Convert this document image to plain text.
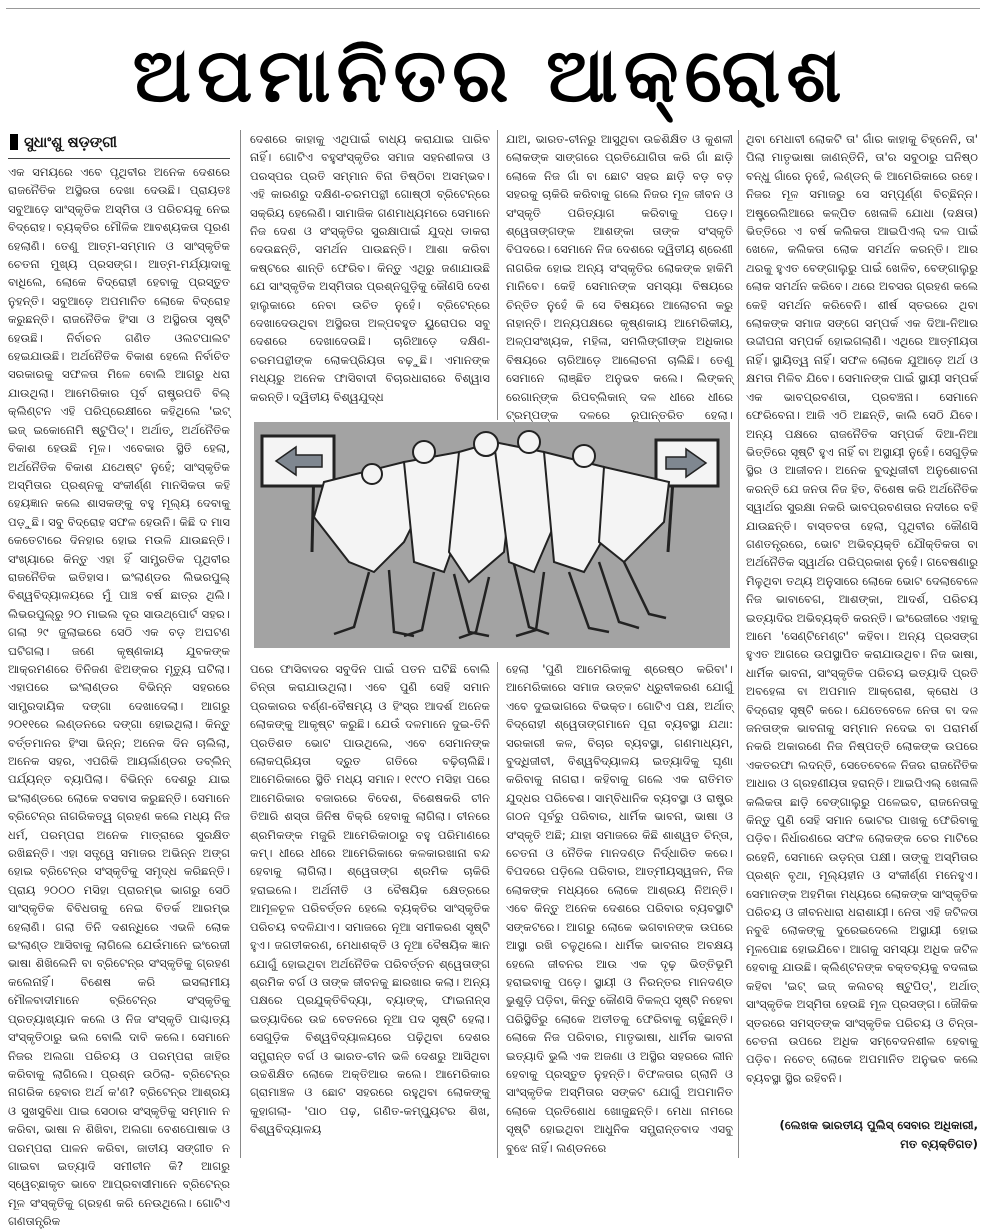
ଅପମାନିତର ଆକ୍ରୋଶ
ସୁଧାଂଶୁ ଷଡ଼ଙ୍ଗୀ

ଏକ ସମୟରେ ଏବେ ପୃଥିବୀର ଅନେକ ଦେଶରେ ରାଜନୈତିକ ଅସ୍ଥିରତା ଦେଖା ଦେଉଛି। ପ୍ରାୟତଃ ସବୁଆଡ଼େ ସାଂସ୍କୃତିକ ଅସ୍ମିତା ଓ ପରିଚୟକୁ ନେଇ ବିଦ୍ରୋହ। ବ୍ୟକ୍ତିର ମୌଳିକ ଆବଶ୍ୟକତା ପୂରଣ ହେଲାଣି। ତେଣୁ ଆତ୍ମ-ସମ୍ମାନ ଓ ସାଂସ୍କୃତିକ ଚେତନା ମୁଖ୍ୟ ପ୍ରସଙ୍ଗ। ଆତ୍ମ-ମର୍ଯ୍ୟାଦାକୁ ବାଧିଲେ, ଲୋକେ ବିଦ୍ରୋହୀ ହେବାକୁ ପ୍ରସ୍ତୁତ ନୁହନ୍ତି। ସବୁଆଡ଼େ ଅପମାନିତ ଲୋକେ ବିଦ୍ରୋହ କରୁଛନ୍ତି। ରାଜନୈତିକ ହିଂସା ଓ ଅସ୍ଥିରତା ସୃଷ୍ଟି ହେଉଛି। ନିର୍ବାଚନ ଗଣିତ ଓଲଟପାଲଟ ହେଇଯାଉଛି। ଅର୍ଥନୈତିକ ବିକାଶ ହେଲେ ନିର୍ବାଚିତ ସରକାରକୁ ସଫଳତା ମିଳେ ବୋଲି ଆଗରୁ ଧରା ଯାଉଥିଲା। ଆମେରିକାର ପୂର୍ବ ରାଷ୍ଟ୍ରପତି ବିଲ୍ କ୍ଲିଣ୍ଟନ ଏହି ପରିପ୍ରେକ୍ଷୀରେ କହିଥିଲେ 'ଇଟ୍ ଇଜ୍ ଇକୋନୋମି ଷ୍ଟୁପିଡ୍'। ଅର୍ଥାତ୍, ଅର୍ଥନୈତିକ ବିକାଶ ହେଉଛି ମୂଳ। ଏବେକାର ସ୍ଥିତି ହେଲା, ଅର୍ଥନୈତିକ ବିକାଶ ଯଥେଷ୍ଟ ନୁହେଁ; ସାଂସ୍କୃତିକ ଅସ୍ମିତାର ପ୍ରଶ୍ନକୁ ସଂକୀର୍ଣ୍ଣ ମାନସିକତା କହି ହେୟଜ୍ଞାନ କଲେ ଶାସକଙ୍କୁ ବହୁ ମୂଲ୍ୟ ଦେବାକୁ ପଡ଼ୁଛି। ସବୁ ବିଦ୍ରୋହ ସଫଳ ହେଉନି। କିଛି ଦ ମାସ କେତେଟାରେ ଦିନହାର ହୋଇ ମଉଳି ଯାଉଛନ୍ତି। ସଂଖ୍ୟାରେ କିନ୍ତୁ ଏହା ହିଁ ସାମ୍ପ୍ରତିକ ପୃଥିବୀର ରାଜନୈତିକ ଇତିହାସ। ଇଂଲାଣ୍ଡର ଲିଭରପୁଲ୍ ବିଶ୍ୱବିଦ୍ୟାଳୟରେ ମୁଁ ପାଞ୍ଚ ବର୍ଷ ଛାତ୍ର ଥିଲି। ଲିଭରପୁଲ୍‌ରୁ ୨୦ ମାଇଲ ଦୂର ସାଉଥ୍‌ପୋର୍ଟ ସହର। ଗଲା ୨୯ ଜୁଲାଇରେ ସେଠି ଏକ ବଡ଼ ଅଘଟଣ ଘଟିଗଲା। ଜଣେ କୃଷ୍ଣକାୟ ଯୁବକଙ୍କ ଆକ୍ରମଣରେ ତିନିଜଣ ଝିଅଙ୍କର ମୃତ୍ୟୁ ଘଟିଲା। ଏହାପରେ ଇଂଲାଣ୍ଡର ବିଭିନ୍ନ ସହରରେ ସାମ୍ପ୍ରଦାୟିକ ଦଙ୍ଗା ଦେଖାଦେଲା। ଆଗରୁ ୨୦୧୧ରେ ଲଣ୍ଡନରେ ଦଙ୍ଗା ହୋଇଥିଲା। କିନ୍ତୁ ବର୍ତ୍ତମାନର ହିଂସା ଭିନ୍ନ; ଅନେକ ଦିନ ଚାଲିଲା, ଅନେକ ସହର, ଏପରିକି ଆୟର୍ଲାଣ୍ଡର ଡବ୍ଲିନ୍ ପର୍ଯ୍ୟନ୍ତ ବ୍ୟାପିଲା। ବିଭିନ୍ନ ଦେଶରୁ ଯାଇ ଇଂଲାଣ୍ଡରେ ଲୋକେ ବସବାସ କରୁଛନ୍ତି। ସେମାନେ ବ୍ରିଟେନ୍‌ର ନାଗରିକତ୍ୱ ଗ୍ରହଣ କଲେ ମଧ୍ୟ ନିଜ ଧର୍ମ, ପରମ୍ପରା ଅନେକ ମାତ୍ରାରେ ସୁରକ୍ଷିତ ରଖିଛନ୍ତି। ଏହା ସତ୍ତ୍ୱେ ସମାଜର ଅଭିନ୍ନ ଅଙ୍ଗ ହୋଇ ବ୍ରିଟେନ୍‌ର ସଂସ୍କୃତିକୁ ସମୃଦ୍ଧ କରିଛନ୍ତି। ପ୍ରାୟ ୨୦୦୦ ମସିହା ପ୍ରାରମ୍ଭ ଭାଗରୁ ସେଠି ସାଂସ୍କୃତିକ ବିବିଧତାକୁ ନେଇ ବିତର୍କ ଆରମ୍ଭ ହେଲାଣି। ଗଲା ତିନି ଦଶନ୍ଧିରେ ଏଭଳି ଲୋକ ଇଂଲାଣ୍ଡ ଆସିବାକୁ ଲାଗିଲେ ଯେଉଁମାନେ ଇଂରେଜୀ ଭାଷା ଶିଖିଲେନି ବା ବ୍ରିଟେନ୍‌ର ସଂସ୍କୃତିକୁ ଗ୍ରହଣ କଲେନାହିଁ। ବିଶେଷ କରି ଇସଲାମୀୟ ମୌଳବାଦୀମାନେ ବ୍ରିଟେନ୍‌ର ସଂସ୍କୃତିକୁ ପ୍ରତ୍ୟାଖ୍ୟାନ କଲେ ଓ ନିଜ ସଂସ୍କୃତି ପାଶ୍ଚାତ୍ୟ ସଂସ୍କୃତିଠାରୁ ଭଲ ବୋଲି ଦାବି କଲେ। ସେମାନେ ନିଜର ଅଲଗା ପରିଚୟ ଓ ପରମ୍ପରା ଜାହିର କରିବାକୁ ଲାଗିଲେ। ପ୍ରଶ୍ନ ଉଠିଲା- ବ୍ରିଟେନ୍‌ର ନାଗରିକ ହେବାର ଅର୍ଥ କ'ଣ? ବ୍ରିଟେନ୍‌ର ଆଶ୍ରୟ ଓ ସୁଖସୁବିଧା ପାଇ ସେଠାର ସଂସ୍କୃତିକୁ ସମ୍ମାନ ନ କରିବା, ଭାଷା ନ ଶିଖିବା, ଅଲଗା ବେଶପୋଷାକ ଓ ପରମ୍ପରା ପାଳନ କରିବା, ଜାତୀୟ ସଙ୍ଗୀତ ନ ଗାଇବା ଇତ୍ୟାଦି ସମୀଚୀନ କି? ଆଗରୁ ସ୍ୱେଚ୍ଛାକୃତ ଭାବେ ଆପ୍ରବାସୀମାନେ ବ୍ରିଟେନ୍‌ର ମୂଳ ସଂସ୍କୃତିକୁ ଗ୍ରହଣ କରି ନେଉଥିଲେ। ଗୋଟିଏ ଗଣତାନ୍ତ୍ରିକ

ଦେଶରେ କାହାକୁ ଏଥିପାଇଁ ବାଧ୍ୟ କରାଯାଇ ପାରିବ ନାହିଁ। ଗୋଟିଏ ବହୁସଂସ୍କୃତିର ସମାଜ ସହନଶୀଳତା ଓ ପରସ୍ପର ପ୍ରତି ସମ୍ମାନ ବିନା ତିଷ୍ଠିବା ଅସମ୍ଭବ। ଏହି କାରଣରୁ ଦକ୍ଷିଣ-ଚରମପନ୍ଥୀ ଗୋଷ୍ଠୀ ବ୍ରିଟେନ୍‌ରେ ସକ୍ରିୟ ହେଲେଣି। ସାମାଜିକ ଗଣମାଧ୍ୟମରେ ସେମାନେ ନିଜ ଦେଶ ଓ ସଂସ୍କୃତିର ସୁରକ୍ଷାପାଇଁ ଯୁଦ୍ଧ ଡାକରା ଦେଉଛନ୍ତି, ସମର୍ଥନ ପାଉଛନ୍ତି। ଆଶା କରିବା କଷ୍ଟରେ ଶାନ୍ତି ଫେରିବ। କିନ୍ତୁ ଏଥିରୁ ଜଣାଯାଉଛି ଯେ ସାଂସ୍କୃତିକ ଅସ୍ମିତାର ପ୍ରଶ୍ନଗୁଡ଼ିକୁ କୌଣସି ଦେଶ ହାଲୁକାରେ ନେବା ଉଚିତ ନୁହେଁ। ବ୍ରିଟେନ୍‌ରେ ଦେଖାଦେଉଥିବା ଅସ୍ଥିରତା ଅଳ୍ପବହୁତ ୟୁରୋପର ସବୁ ଦେଶରେ ଦେଖାଦେଉଛି। ଚାରିଆଡ଼େ ଦକ୍ଷିଣ-ଚରମପନ୍ଥୀଙ୍କ ଲୋକପ୍ରିୟତା ବଢ଼ୁଛି। ଏମାନଙ୍କ ମଧ୍ୟରୁ ଅନେକ ଫାସିବାଦୀ ବିଚାରଧାରାରେ ବିଶ୍ୱାସ କରନ୍ତି। ଦ୍ୱିତୀୟ ବିଶ୍ୱଯୁଦ୍ଧ

ଯାଅ, ଭାରତ-ଚୀନରୁ ଆସୁଥିବା ଉଚ୍ଚଶିକ୍ଷିତ ଓ କୁଶଳୀ ଲୋକଙ୍କ ସାଙ୍ଗରେ ପ୍ରତିଯୋଗିତା କରି ଗାଁ ଛାଡ଼ି ଲୋକେ ନିଜ ଗାଁ ବା ଛୋଟ ସହର ଛାଡ଼ି ବଡ଼ ବଡ଼ ସହରକୁ ଚାକିରି କରିବାକୁ ଗଲେ ନିଜର ମୂଳ ଜୀବନ ଓ ସଂସ୍କୃତି ପରିତ୍ୟାଗ କରିବାକୁ ପଡ଼େ। ଶ୍ୱେତାଙ୍ଗଙ୍କ ଆଶଙ୍କା ତାଙ୍କ ସଂସ୍କୃତି ବିପଦରେ। ସେମାନେ ନିଜ ଦେଶରେ ଦ୍ୱିତୀୟ ଶ୍ରେଣୀ ନାଗରିକ ହୋଇ ଅନ୍ୟ ସଂସ୍କୃତିର ଲୋକଙ୍କ ହାକିମି ମାନିବେ। କେହି ସେମାନଙ୍କ ସମସ୍ୟା ବିଷୟରେ ଚିନ୍ତିତ ନୁହେଁ କି ସେ ବିଷୟରେ ଆଲୋଚନା କରୁ ନାହାନ୍ତି। ଅନ୍ୟପକ୍ଷରେ କୃଷ୍ଣକାୟ ଆମେରିକୀୟ, ଅଳ୍ପସଂଖ୍ୟକ, ମହିଳା, ସମଲିଙ୍ଗୀଙ୍କ ଅଧିକାର ବିଷୟରେ ଚାରିଆଡ଼େ ଆଲୋଚନା ଚାଲିଛି। ତେଣୁ ସେମାନେ ଲାଞ୍ଛିତ ଅନୁଭବ କଲେ। ଲିଙ୍କନ୍ ରେଗାନ୍‌ଙ୍କ ରିପବ୍ଲିକାନ୍ ଦଳ ଧୀରେ ଧୀରେ ଟ୍ରମ୍ପଙ୍କ ଦଳରେ ରୂପାନ୍ତରିତ ହେଲା।

ପରେ ଫାସିବାଦର ସବୁଦିନ ପାଇଁ ପତନ ଘଟିଛି ବୋଲି ଚିନ୍ତା କରାଯାଉଥିଲା। ଏବେ ପୁଣି ସେହି ସମାନ ପ୍ରକାରର ବର୍ଣ୍ଣ-ବୈଷମ୍ୟ ଓ ହିଂସ୍ର ଆଦର୍ଶ ଅନେକ ଲୋକଙ୍କୁ ଆକୃଷ୍ଟ କରୁଛି। ଯେଉଁ ଦଳମାନେ ଦୁଇ-ତିନି ପ୍ରତିଶତ ଭୋଟ ପାଉଥିଲେ, ଏବେ ସେମାନଙ୍କ ଲୋକପ୍ରିୟତା ଦ୍ରୁତ ଗତିରେ ବଢ଼ିଚାଲିଛି। ଆମେରିକାରେ ସ୍ଥିତି ମଧ୍ୟ ସମାନ। ୧୯୯୦ ମସିହା ପରେ ଆମେରିକାର ବଜାରରେ ବିଦେଶ, ବିଶେଷକରି ଚୀନ ତିଆରି ଶସ୍ତା ଜିନିଷ ବିକ୍ରି ହେବାକୁ ଲାଗିଲା। ଚୀନରେ ଶ୍ରମିକଙ୍କ ମଜୁରି ଆମେରିକାଠାରୁ ବହୁ ପରିମାଣରେ କମ୍। ଧୀରେ ଧୀରେ ଆମେରିକାରେ କଳକାରଖାନା ବନ୍ଦ ହେବାକୁ ଲାଗିଲା। ଶ୍ୱେତାଙ୍ଗ ଶ୍ରମିକ ଚାକିରି ହରାଇଲେ। ଅର୍ଥନୀତି ଓ ବୈଷୟିକ କ୍ଷେତ୍ରରେ ଆମୂଳଚୂଳ ପରିବର୍ତ୍ତନ ହେଲେ ବ୍ୟକ୍ତିର ସାଂସ୍କୃତିକ ପରିଚୟ ବଦଳିଯାଏ। ସମାଜରେ ନୂଆ ସମୀକରଣ ସୃଷ୍ଟି ହୁଏ। ଜଗତୀକରଣ, ମେଧାଶକ୍ତି ଓ ନୂଆ ବୈଷୟିକ ଜ୍ଞାନ ଯୋଗୁଁ ହୋଇଥିବା ଅର୍ଥନୈତିକ ପରିବର୍ତ୍ତନ ଶ୍ୱେତାଙ୍ଗ ଶ୍ରମିକ ବର୍ଗ ଓ ତାଙ୍କ ଜୀବନକୁ ଛାରଖାର କଲା। ଅନ୍ୟ ପକ୍ଷରେ ପ୍ରଯୁକ୍ତିବିଦ୍ୟା, ବ୍ୟାଙ୍କ୍, ଫାଇନାନ୍ସ ଇତ୍ୟାଦିରେ ଉଚ୍ଚ ବେତନରେ ନୂଆ ପଦ ସୃଷ୍ଟି ହେଲା। ସେଗୁଡ଼ିକ ବିଶ୍ୱବିଦ୍ୟାଳୟରେ ପଢ଼ିଥିବା ଦେଶର ସମ୍ଭ୍ରାନ୍ତ ବର୍ଗ ଓ ଭାରତ-ଚୀନ ଭଳି ଦେଶରୁ ଆସିଥିବା ଉଚ୍ଚଶିକ୍ଷିତ ଲୋକେ ଅକ୍ତିଆର କଲେ। ଆମେରିକାର ଗ୍ରାମାଞ୍ଚଳ ଓ ଛୋଟ ସହରରେ ରହୁଥିବା ଲୋକଙ୍କୁ କୁହାଗଲା- 'ପାଠ ପଢ଼, ଗଣିତ-କମ୍ପ୍ୟୁଟର ଶିଖ, ବିଶ୍ୱବିଦ୍ୟାଳୟ

ହେଲା 'ପୁଣି ଆମେରିକାକୁ ଶ୍ରେଷ୍ଠ କରିବା'। ଆମେରିକାରେ ସମାଜ ଉତ୍କଟ ଧ୍ରୁବୀକରଣ ଯୋଗୁଁ ଏବେ ଦୁଇଭାଗରେ ବିଭକ୍ତ। ଗୋଟିଏ ପକ୍ଷ, ଅର୍ଥାତ୍ ବିଦ୍ରୋହୀ ଶ୍ୱେତାଙ୍ଗମାନେ ପୂରା ବ୍ୟବସ୍ଥା ଯଥା: ସରକାରୀ କଳ, ବିଚାର ବ୍ୟବସ୍ଥା, ଗଣମାଧ୍ୟମ, ବୁଦ୍ଧିଜୀବୀ, ବିଶ୍ୱବିଦ୍ୟାଳୟ ଇତ୍ୟାଦିକୁ ଘୃଣା କରିବାକୁ ନାଗରା। କହିବାକୁ ଗଲେ ଏକ ରାତିମତ ଯୁଦ୍ଧର ପରିବେଶ। ସାମ୍ବିଧାନିକ ବ୍ୟବସ୍ଥା ଓ ରାଷ୍ଟ୍ର ଗଠନ ପୂର୍ବରୁ ପରିବାର, ଧାର୍ମିକ ଭାବନା, ଭାଷା ଓ ସଂସ୍କୃତି ଅଛି; ଯାହା ସମାଜରେ କିଛି ଶାଶ୍ୱତ ଚିନ୍ତା, ଚେତନା ଓ ନୈତିକ ମାନଦଣ୍ଡ ନିର୍ଦ୍ଧାରିତ କରେ। ବିପଦରେ ପଡ଼ିଲେ ପରିବାର, ଆତ୍ମୀୟସ୍ୱଜନ, ନିଜ ଲୋକଙ୍କ ମଧ୍ୟରେ ଲୋକେ ଆଶ୍ରୟ ନିଅନ୍ତି। ଏବେ କିନ୍ତୁ ଅନେକ ଦେଶରେ ପରିବାର ବ୍ୟବସ୍ଥାଟି ସଙ୍କଟରେ। ଆଗରୁ ଲୋକେ ଭଗବାନଙ୍କ ଉପରେ ଆସ୍ଥା ରଖି ଚଳୁଥିଲେ। ଧାର୍ମିକ ଭାବନାର ଅବକ୍ଷୟ ହେଲେ ଜୀବନର ଆଉ ଏକ ଦୃଢ଼ ଭିତ୍ତିଭୂମି ହରାଇବାକୁ ପଡ଼େ। ସ୍ଥାୟୀ ଓ ନିରନ୍ତର ମାନଦଣ୍ଡ ଭୁଶୁଡ଼ି ପଡ଼ିବା, କିନ୍ତୁ କୌଣସି ବିକଳ୍ପ ସୃଷ୍ଟି ନହେବା ପରିସ୍ଥିତିରୁ ଲୋକେ ଅତୀତକୁ ଫେରିବାକୁ ଚାହୁଁଛନ୍ତି। ଲୋକେ ନିଜ ପରିବାର, ମାତୃଭାଷା, ଧାର୍ମିକ ଭାବନା ଇତ୍ୟାଦି ଭୁଲି ଏକ ଅଜଣା ଓ ଅସ୍ଥିର ସହରରେ ଲୀନ ହେବାକୁ ପ୍ରସ୍ତୁତ ନୁହନ୍ତି। ବିଫଳତାର ଗ୍ଲାନି ଓ ସାଂସ୍କୃତିକ ଅସ୍ମିତାର ସଙ୍କଟ ଯୋଗୁଁ ଅପମାନିତ ଲୋକେ ପ୍ରତିଶୋଧ ଖୋଜୁଛନ୍ତି। ମେଧା ନାମରେ ସୃଷ୍ଟି ହୋଇଥିବା ଆଧୁନିକ ସମ୍ଭ୍ରାନ୍ତବାଦ ଏସବୁ ବୁଝେ ନାହିଁ। ଲଣ୍ଡନରେ

ଥିବା ମେଧାବୀ ଲୋକଟି ତା' ଗାଁର କାହାକୁ ଚିହ୍ନେନି, ତା' ପିଲା ମାତୃଭାଷା ଜାଣନ୍ତିନି, ତା'ର ସବୁଠାରୁ ଘନିଷ୍ଠ ବନ୍ଧୁ ଗାଁରେ ନୁହେଁ, ଲଣ୍ଡନ୍ କି ଆମେରିକାରେ ରହେ। ନିଜର ମୂଳ ସମାଜରୁ ସେ ସମ୍ପୂର୍ଣ୍ଣ ବିଚ୍ଛିନ୍ନ। ଅଷ୍ଟ୍ରେଲିଆରେ କଳ୍ପିତ ଖେଳାଳି ଯୋଧା (ଦକ୍ଷତା) ଭିତ୍ତିରେ ଏ ବର୍ଷ କଲିକତା ଆଇପିଏଲ୍ ଦଳ ପାଇଁ ଖେଳେ, କଲିକତା ଲୋକ ସମର୍ଥନ କରନ୍ତି। ଆର ଥରକୁ ହୁଏତ ବେଙ୍ଗାଲୁରୁ ପାଇଁ ଖେଳିବ, ବେଙ୍ଗାଲୁରୁ ଲୋକ ସମର୍ଥନ କରିବେ। ଥରେ ଅବସର ଗ୍ରହଣ କଲେ କେହି ସମର୍ଥନ କରିବେନି। ଶୀର୍ଷ ସ୍ତରରେ ଥିବା ଲୋକଙ୍କ ସମାଜ ସଙ୍ଗେ ସମ୍ପର୍କ ଏକ ଦିଆ-ନିଆର ଉଦ୍ଦୀପନା ସମ୍ପର୍କ ହୋଇଗଲାଣି। ଏଥିରେ ଆତ୍ମୀୟତା ନାହିଁ। ସ୍ଥାୟିତ୍ୱ ନାହିଁ। ସଫଳ ଲୋକେ ଯୁଆଡ଼େ ଅର୍ଥ ଓ କ୍ଷମତା ମିଳିବ ଯିବେ। ସେମାନଙ୍କ ପାଇଁ ସ୍ଥାୟୀ ସମ୍ପର୍କ ଏକ ଭାବପ୍ରବଣତା, ପ୍ରବଞ୍ଚନା। ସେମାନେ ଫେରିବେନା। ଆଜି ଏଠି ଅଛନ୍ତି, କାଲି ସେଠି ଯିବେ। ଅନ୍ୟ ପକ୍ଷରେ ରାଜନୈତିକ ସମ୍ପର୍କ ଦିଆ-ନିଆ ଭିତ୍ତିରେ ସୃଷ୍ଟି ହୁଏ ନାହିଁ ବା ଅସ୍ଥାୟୀ ନୁହେଁ। ସେଗୁଡ଼ିକ ସ୍ଥିର ଓ ଆଜୀବନ। ଅନେକ ବୁଦ୍ଧିଜୀବୀ ଅନୁଶୋଚନା କରନ୍ତି ଯେ ଜନତା ନିଜ ହିତ, ବିଶେଷ କରି ଅର୍ଥନୈତିକ ସ୍ୱାର୍ଥର ସୁରକ୍ଷା ନକରି ଭାବପ୍ରବଣତାର ନଦୀରେ ବହି ଯାଉଛନ୍ତି। ବାସ୍ତବତା ହେଲା, ପୃଥିବୀର କୌଣସି ଗଣତନ୍ତ୍ରରେ, ଭୋଟ ଅଭିବ୍ୟକ୍ତି ଯୌକ୍ତିକତା ବା ଅର୍ଥନୈତିକ ସ୍ୱାର୍ଥର ପରିପ୍ରକାଶ ନୁହେଁ। ଗବେଷଣାରୁ ମିଳୁଥିବା ତଥ୍ୟ ଅନୁସାରେ ଲୋକେ ଭୋଟ ଦେଲାବେଳେ ନିଜ ଭାବାବେଗ, ଆଶଙ୍କା, ଆଦର୍ଶ, ପରିଚୟ ଇତ୍ୟାଦିର ଅଭିବ୍ୟକ୍ତି କରନ୍ତି। ଇଂରେଜୀରେ ଏହାକୁ ଆମେ 'ସେଣ୍ଟିମେଣ୍ଟ' କହିବା। ଅନ୍ୟ ପ୍ରସଙ୍ଗ ହୁଏତ ଆଗରେ ଉପସ୍ଥାପିତ କରାଯାଉଥିବ। ନିଜ ଭାଷା, ଧାର୍ମିକ ଭାବନା, ସାଂସ୍କୃତିକ ପରିଚୟ ଇତ୍ୟାଦି ପ୍ରତି ଅବହେଳା ବା ଅପମାନ ଆକ୍ରୋଶ, କ୍ରୋଧ ଓ ବିଦ୍ରୋହ ସୃଷ୍ଟି କରେ। ଯେତେବେଳେ ନେତା ବା ଦଳ ଜନତାଙ୍କ ଭାବନାକୁ ସମ୍ମାନ ନଦେଇ ବା ପରାମର୍ଶ ନକରି ଅକାରଣେ ନିଜ ନିଷ୍ପତ୍ତି ଲୋକଙ୍କ ଉପରେ ଏକତରଫା ଲଦନ୍ତି, ସେତେବେଳେ ନିଜର ରାଜନୈତିକ ଆଧାର ଓ ଗ୍ରହଣୀୟତା ହରାନ୍ତି। ଆଇପିଏଲ୍ ଖେଳାଳି କଲିକତା ଛାଡ଼ି ବେଙ୍ଗାଲୁରୁ ପଳେଇବ, ରାଜନେତାକୁ କିନ୍ତୁ ପୁଣି ସେହି ସମାନ ଭୋଟର ପାଖକୁ ଫେରିବାକୁ ପଡ଼ିବ। ନିର୍ଧାରଣରେ ସଫଳ ଲୋକଙ୍କ ଚେର ମାଟିରେ ରହେନି, ସେମାନେ ଉଡ଼ନ୍ତା ପକ୍ଷୀ। ତାଙ୍କୁ ଅସ୍ମିତାର ପ୍ରଶ୍ନ ବୃଥା, ମୂଲ୍ୟହୀନ ଓ ସଂକୀର୍ଣ୍ଣ ମନେହୁଏ। ସେମାନଙ୍କ ଅହମିକା ମଧ୍ୟରେ ଲୋକଙ୍କ ସାଂସ୍କୃତିକ ପରିଚୟ ଓ ଜୀବନଧାରା ଧରାଶାୟୀ। ନେତା ଏହି ଜଟିଳତା ନବୁଝି ଲୋକଙ୍କୁ ଦୁରେଇଦେଲେ ଅସ୍ଥାୟୀ ହୋଇ ମୂଳପୋଛ ହୋଇଯିବେ। ଆଗକୁ ସମସ୍ୟା ଅଧିକ ଜଟିଳ ହେବାକୁ ଯାଉଛି। କ୍ଲିଣ୍ଟନଙ୍କ ବକ୍ତବ୍ୟକୁ ବଦଳାଇ କହିବା 'ଇଟ୍ ଇଜ୍ କଲଚର୍ ଷ୍ଟୁପିଡ୍', ଅର୍ଥାତ୍ ସାଂସ୍କୃତିକ ଅସ୍ମିତା ହେଉଛି ମୂଳ ପ୍ରସଙ୍ଗ। ଜୌକିକ ସ୍ତରରେ ସମସ୍ତଙ୍କ ସାଂସ୍କୃତିକ ପରିଚୟ ଓ ଚିନ୍ତା-ଚେତନା ଉପରେ ଅଧିକ ସମ୍ବେଦନଶୀଳ ହେବାକୁ ପଡ଼ିବ। ନଚେତ୍ ଲୋକେ ଅପମାନିତ ଅନୁଭବ କଲେ ବ୍ୟବସ୍ଥା ସ୍ଥିର ରହିବନି।

(ଲେଖକ ଭାରତୀୟ ପୁଲିସ୍ ସେବାର ଅଧିକାରୀ,
ମତ ବ୍ୟକ୍ତିଗତ)
